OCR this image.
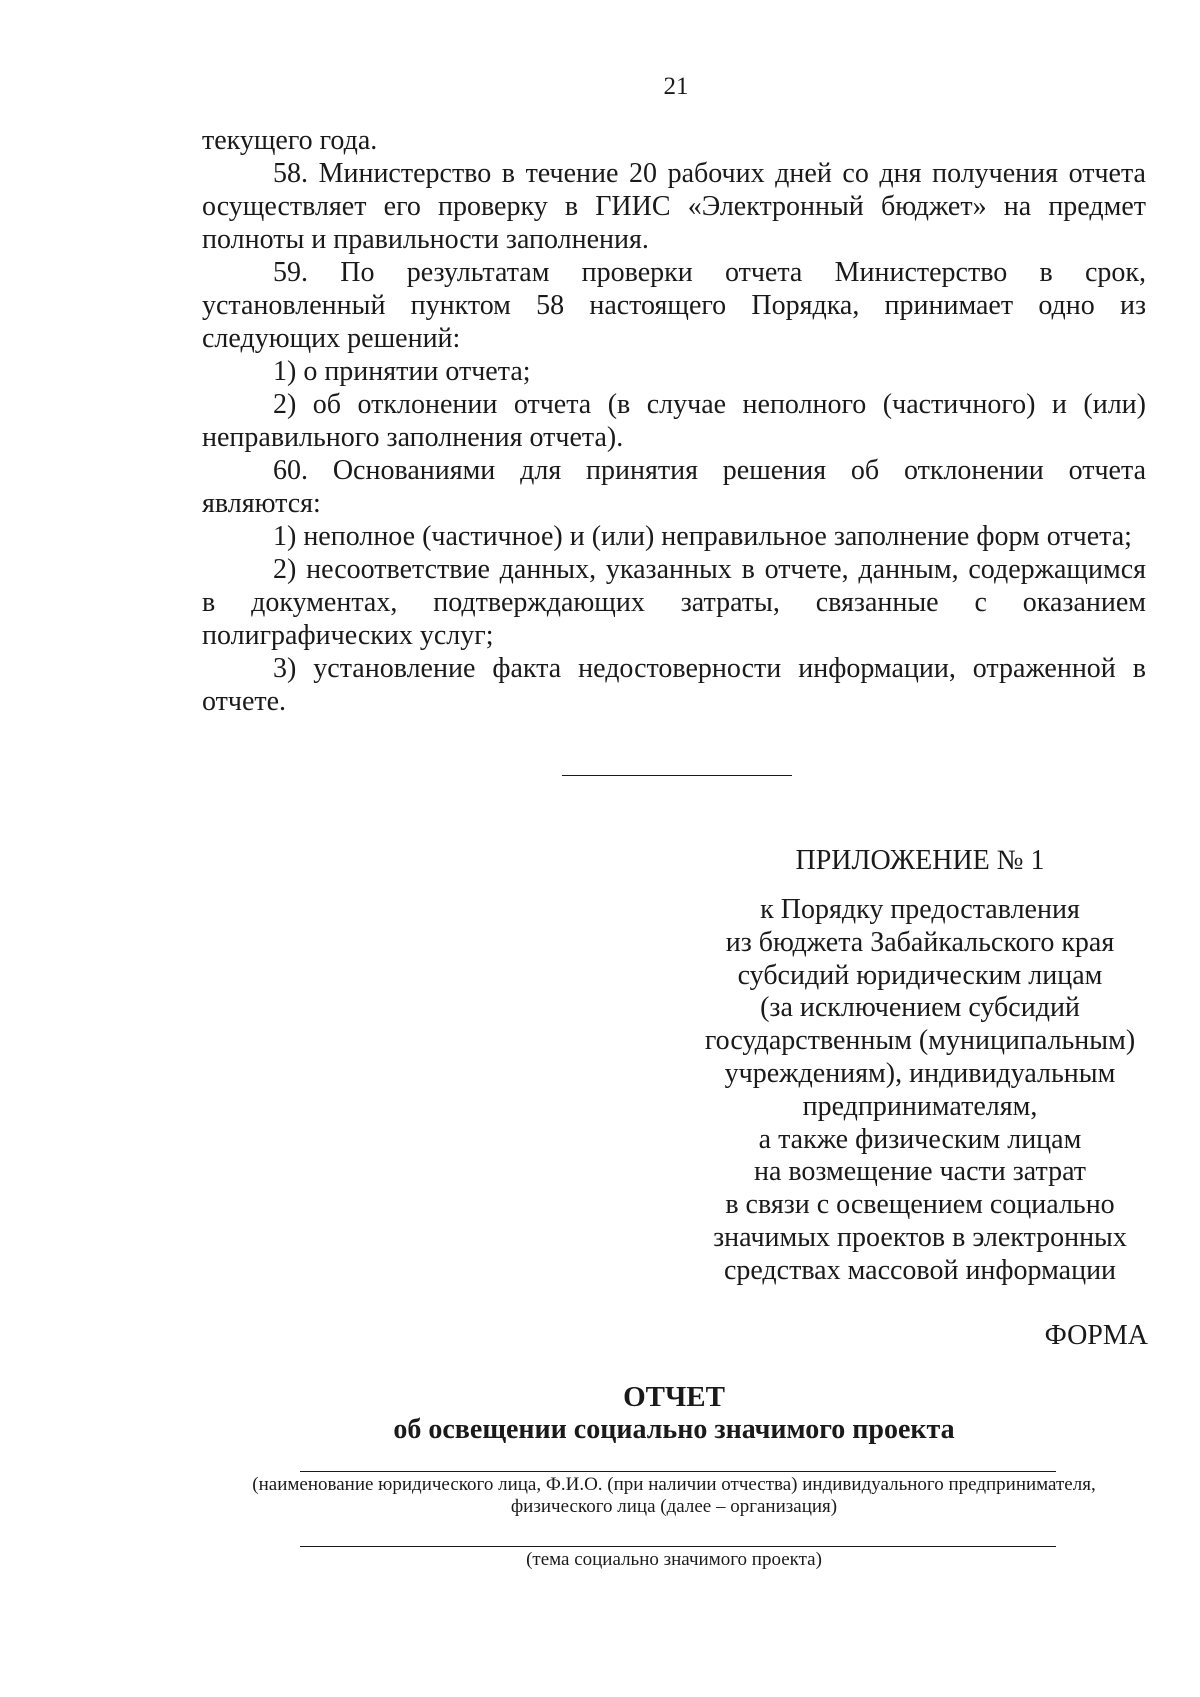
21

текущего года.

58. Министерство в течение 20 рабочих дней со дня получения отчета осуществляет его проверку в ГИИС «Электронный бюджет» на предмет полноты и правильности заполнения.

59. По результатам проверки отчета Министерство в срок, установленный пунктом 58 настоящего Порядка, принимает одно из следующих решений:

1) о принятии отчета;

2) об отклонении отчета (в случае неполного (частичного) и (или) неправильного заполнения отчета).

60. Основаниями для принятия решения об отклонении отчета являются:

1) неполное (частичное) и (или) неправильное заполнение форм отчета;

2) несоответствие данных, указанных в отчете, данным, содержащимся в документах, подтверждающих затраты, связанные с оказанием полиграфических услуг;

3) установление факта недостоверности информации, отраженной в отчете.

ПРИЛОЖЕНИЕ № 1
к Порядку предоставления
из бюджета Забайкальского края
субсидий юридическим лицам
(за исключением субсидий
государственным (муниципальным)
учреждениям), индивидуальным
предпринимателям,
а также физическим лицам
на возмещение части затрат
в связи с освещением социально
значимых проектов в электронных
средствах массовой информации
ФОРМА
ОТЧЕТ
об освещении социально значимого проекта
(наименование юридического лица, Ф.И.О. (при наличии отчества) индивидуального предпринимателя, физического лица (далее – организация)
(тема социально значимого проекта)
